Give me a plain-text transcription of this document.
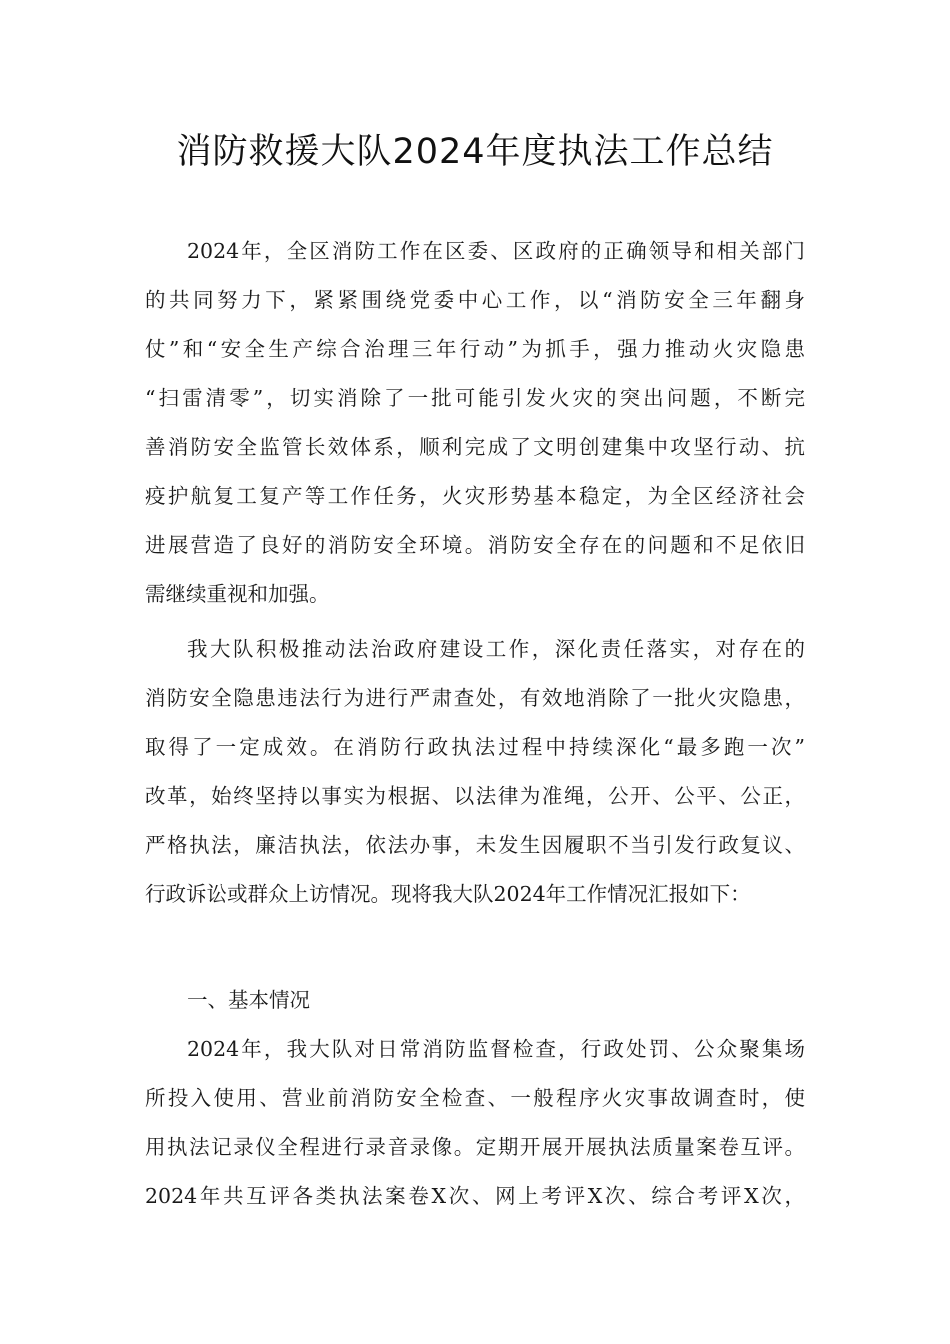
消防救援大队2024年度执法工作总结
2024年，全区消防工作在区委、区政府的正确领导和相关部门
的共同努力下，紧紧围绕党委中心工作，以“消防安全三年翻身
仗”和“安全生产综合治理三年行动”为抓手，强力推动火灾隐患
“扫雷清零”，切实消除了一批可能引发火灾的突出问题，不断完
善消防安全监管长效体系，顺利完成了文明创建集中攻坚行动、抗
疫护航复工复产等工作任务，火灾形势基本稳定，为全区经济社会
进展营造了良好的消防安全环境。消防安全存在的问题和不足依旧
需继续重视和加强。
我大队积极推动法治政府建设工作，深化责任落实，对存在的
消防安全隐患违法行为进行严肃查处，有效地消除了一批火灾隐患，
取得了一定成效。在消防行政执法过程中持续深化“最多跑一次”
改革，始终坚持以事实为根据、以法律为准绳，公开、公平、公正，
严格执法，廉洁执法，依法办事，未发生因履职不当引发行政复议、
行政诉讼或群众上访情况。现将我大队2024年工作情况汇报如下：
一、基本情况
2024年，我大队对日常消防监督检查，行政处罚、公众聚集场
所投入使用、营业前消防安全检查、一般程序火灾事故调查时，使
用执法记录仪全程进行录音录像。定期开展开展执法质量案卷互评。
2024年共互评各类执法案卷X次、网上考评X次、综合考评X次，
